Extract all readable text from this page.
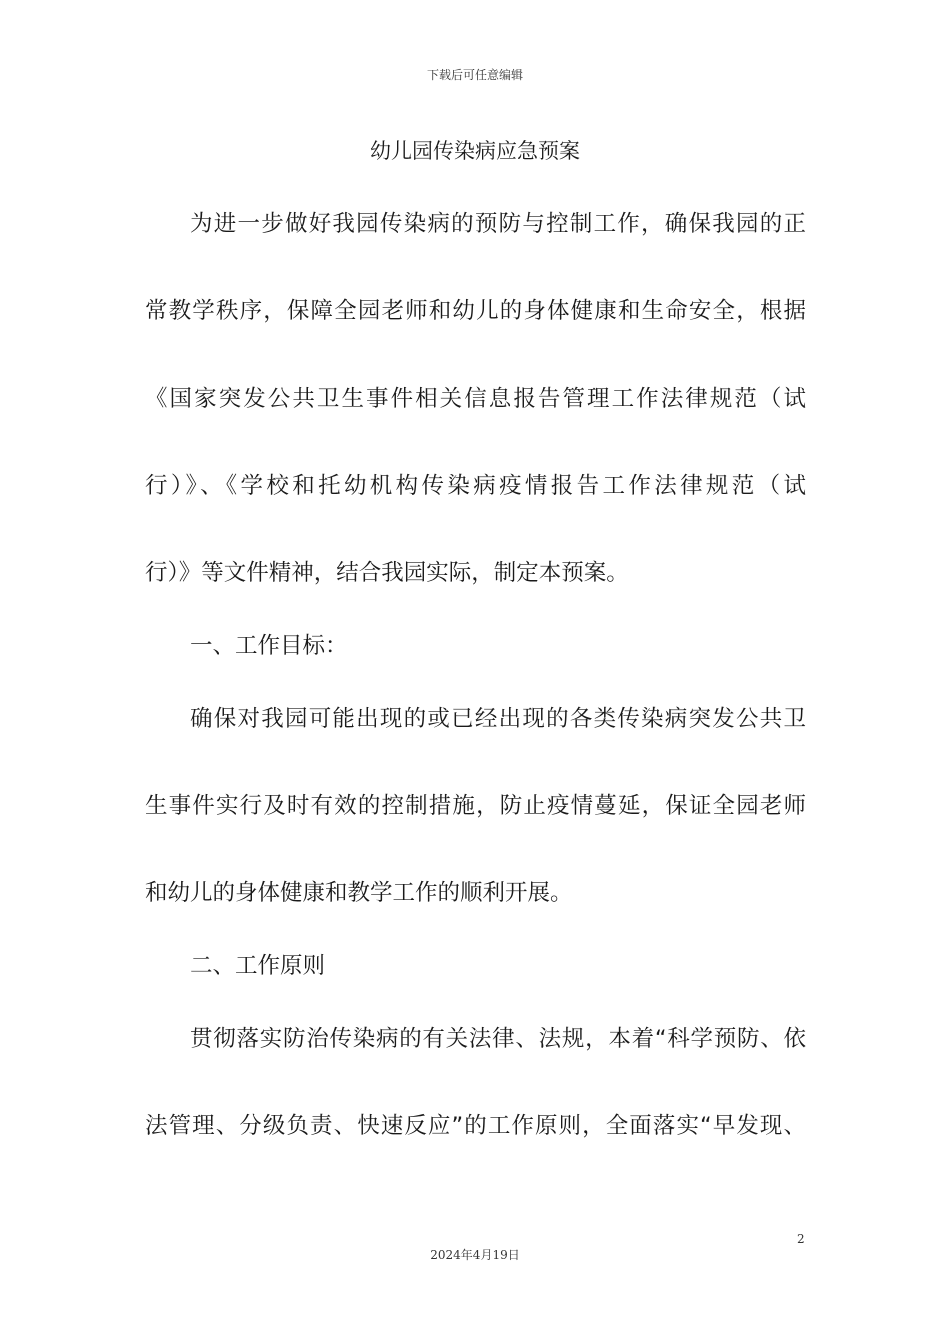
下载后可任意编辑
幼儿园传染病应急预案
为进一步做好我园传染病的预防与控制工作，确保我园的正
常教学秩序，保障全园老师和幼儿的身体健康和生命安全，根据
《国家突发公共卫生事件相关信息报告管理工作法律规范（试
行）》、《学校和托幼机构传染病疫情报告工作法律规范（试
行）》等文件精神，结合我园实际，制定本预案。
一、工作目标：
确保对我园可能出现的或已经出现的各类传染病突发公共卫
生事件实行及时有效的控制措施，防止疫情蔓延，保证全园老师
和幼儿的身体健康和教学工作的顺利开展。
二、工作原则
贯彻落实防治传染病的有关法律、法规，本着“科学预防、依
法管理、分级负责、快速反应”的工作原则，全面落实“早发现、
2
2024年4月19日
